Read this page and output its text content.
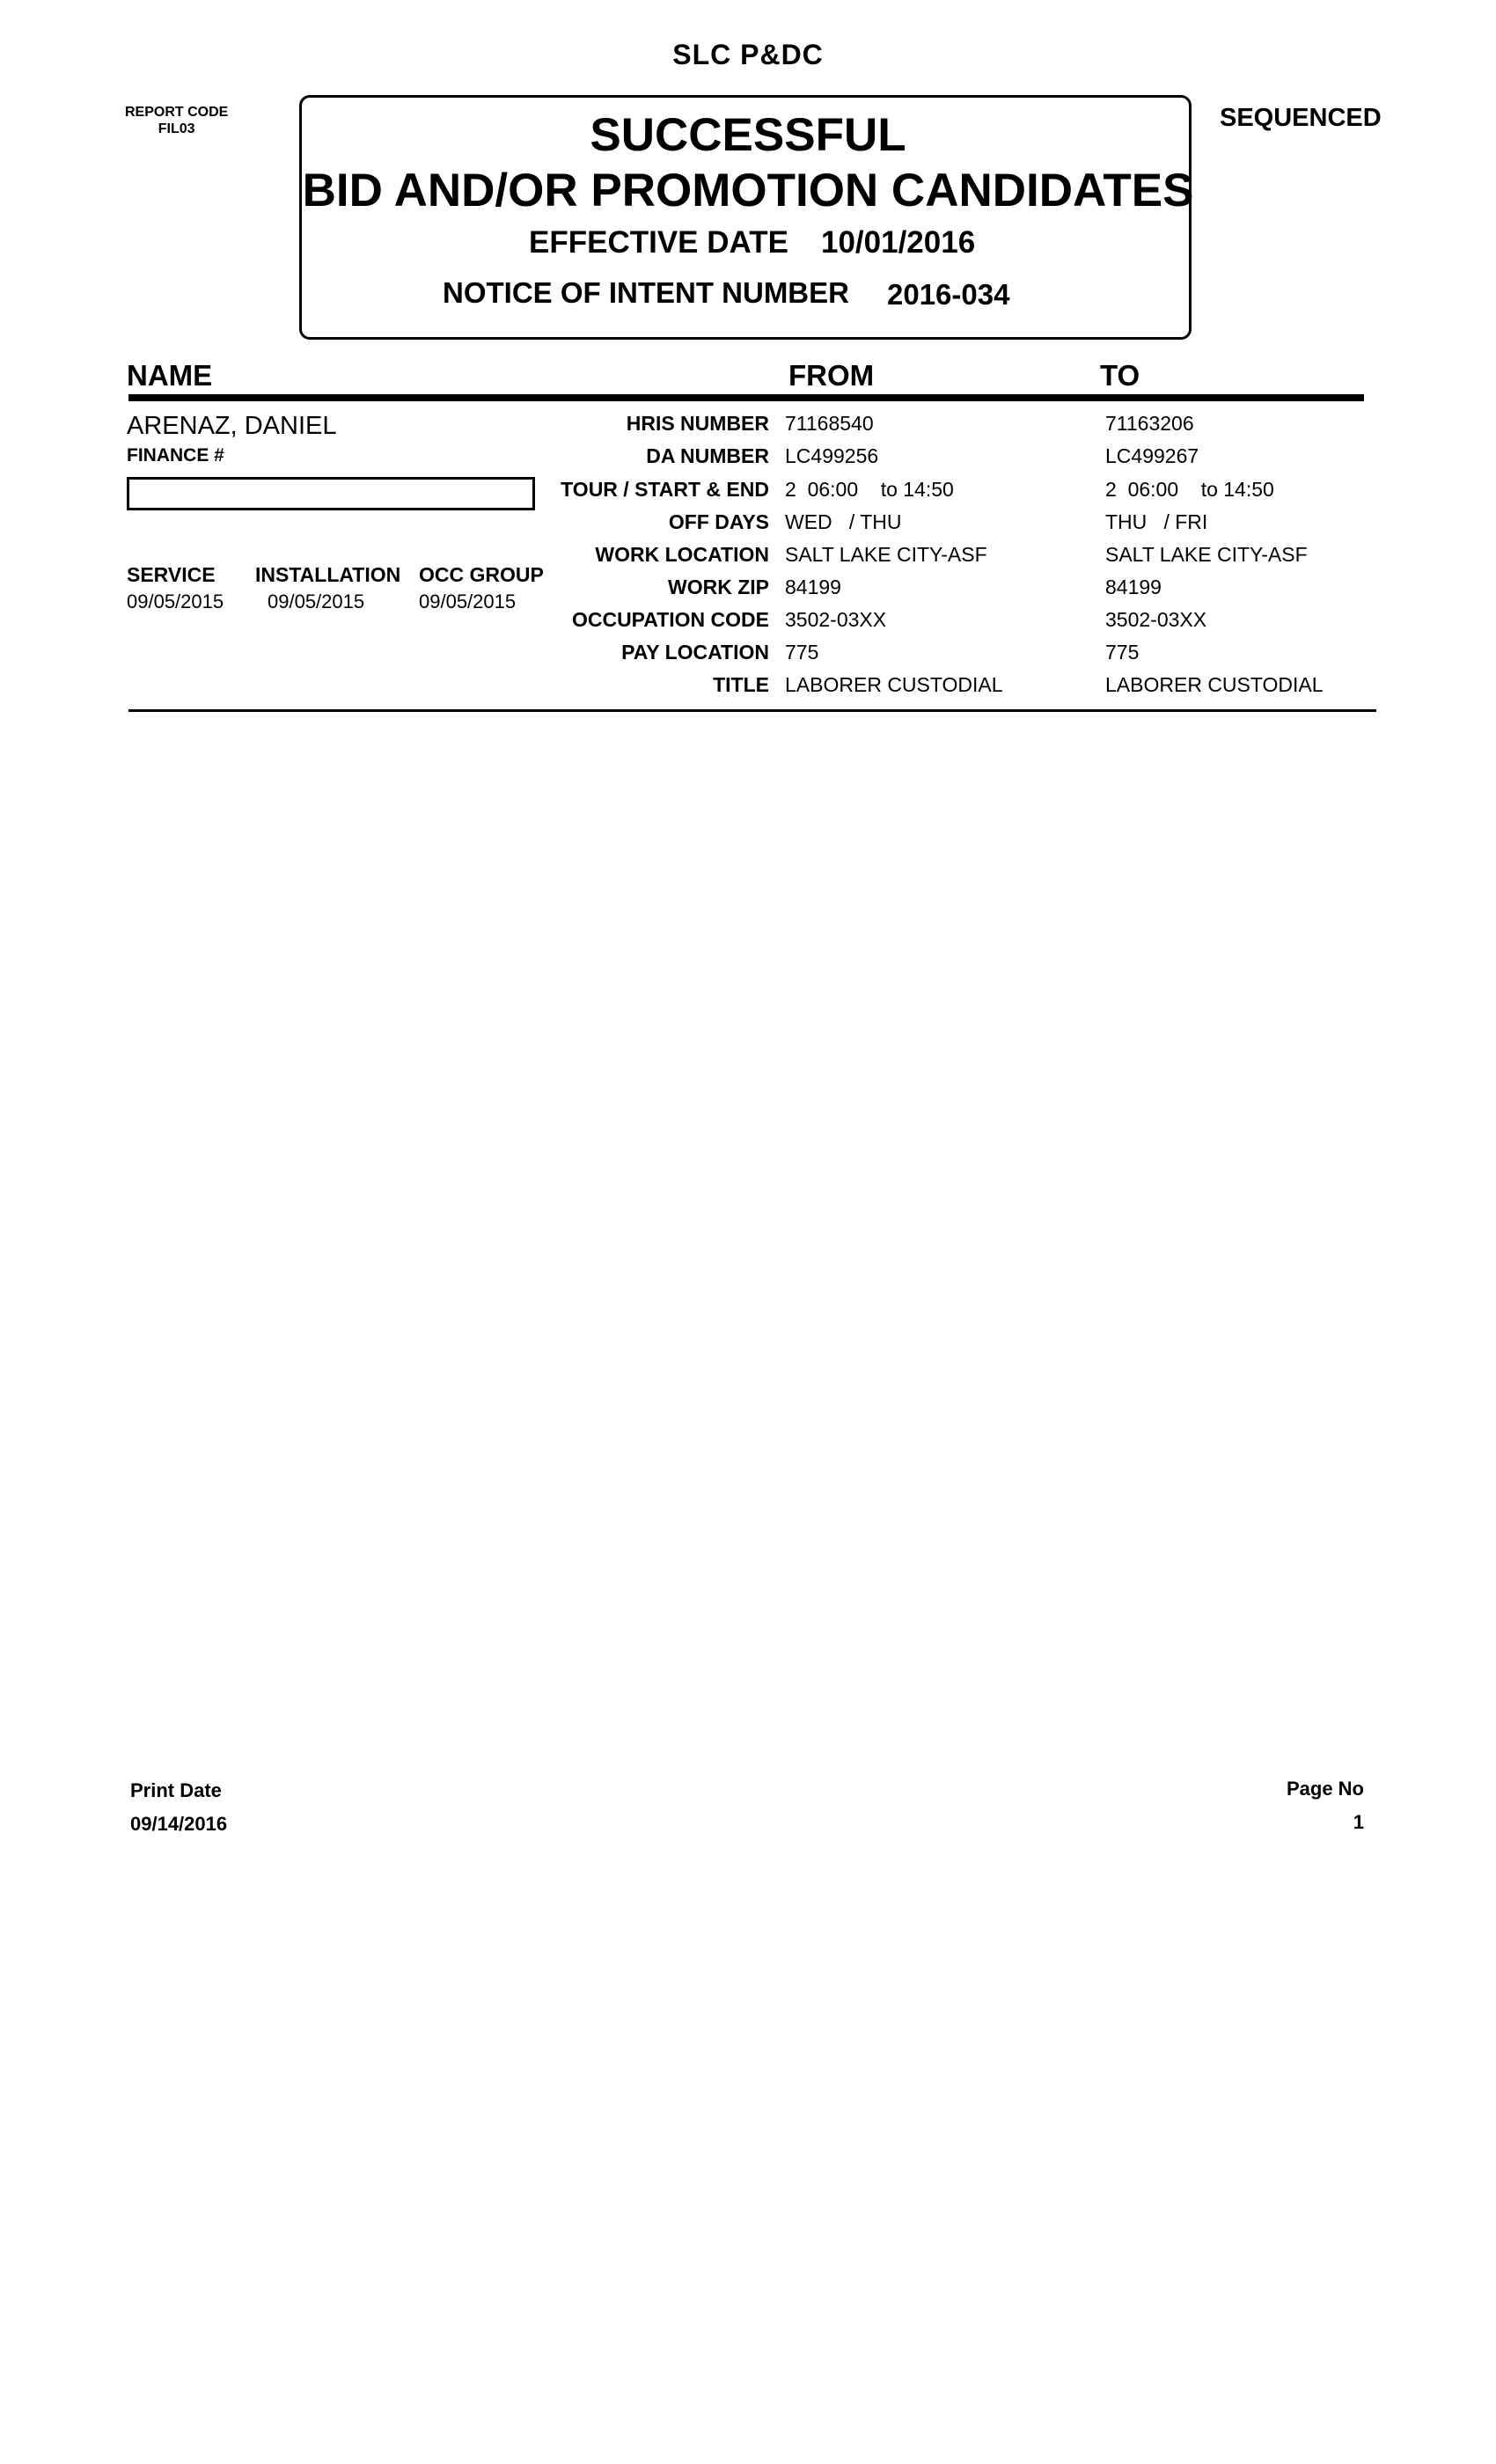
SLC P&DC
REPORT CODE
FIL03	SEQUENCED
SUCCESSFUL
BID AND/OR PROMOTION CANDIDATES
EFFECTIVE DATE 10/01/2016
NOTICE OF INTENT NUMBER 2016-034
NAME	FROM	TO
ARENAZ, DANIEL
FINANCE #
SERVICE INSTALLATION OCC GROUP
09/05/2015 09/05/2015	09/05/2015
HRIS NUMBER 71168540	71163206
DA NUMBER LC499256	LC499267
TOUR / START & END 2  06:00    to 14:50	2  06:00    to 14:50
OFF DAYS WED   / THU	THU   / FRI
WORK LOCATION SALT LAKE CITY-ASF	SALT LAKE CITY-ASF
WORK ZIP 84199	84199
OCCUPATION CODE 3502-03XX	3502-03XX
PAY LOCATION 775	775
TITLE LABORER CUSTODIAL	LABORER CUSTODIAL
Print Date
09/14/2016
Page No
1
